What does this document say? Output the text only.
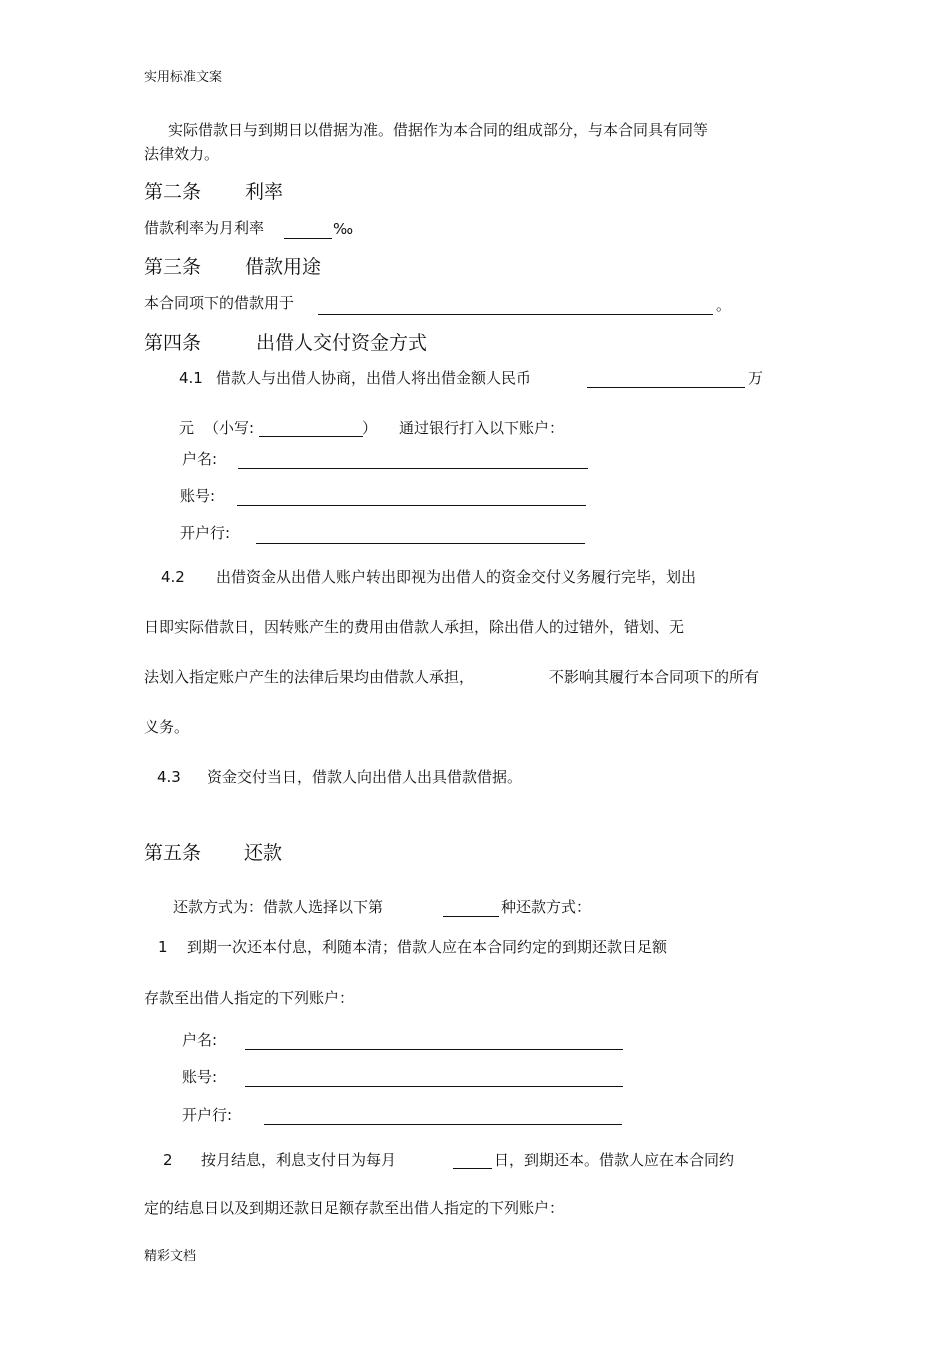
实用标准文案
实际借款日与到期日以借据为准。借据作为本合同的组成部分，与本合同具有同等
法律效力。
第二条 利率
借款利率为月利率	‰
第三条 借款用途
本合同项下的借款用于	。
第四条	出借人交付资金方式
4.1 借款人与出借人协商，出借人将出借金额人民币	万
元 （小写:	） 通过银行打入以下账户：
户名:
账号:
开户行:
4.2 出借资金从出借人账户转出即视为出借人的资金交付义务履行完毕，划出
日即实际借款日，因转账产生的费用由借款人承担，除出借人的过错外，错划、无
法划入指定账户产生的法律后果均由借款人承担，	不影响其履行本合同项下的所有
义务。
4.3 资金交付当日，借款人向出借人出具借款借据。
第五条 还款
还款方式为：借款人选择以下第	种还款方式：
1 到期一次还本付息，利随本清；借款人应在本合同约定的到期还款日足额
存款至出借人指定的下列账户：
户名:
账号:
开户行:
2 按月结息，利息支付日为每月	日，到期还本。借款人应在本合同约
定的结息日以及到期还款日足额存款至出借人指定的下列账户：
精彩文档
